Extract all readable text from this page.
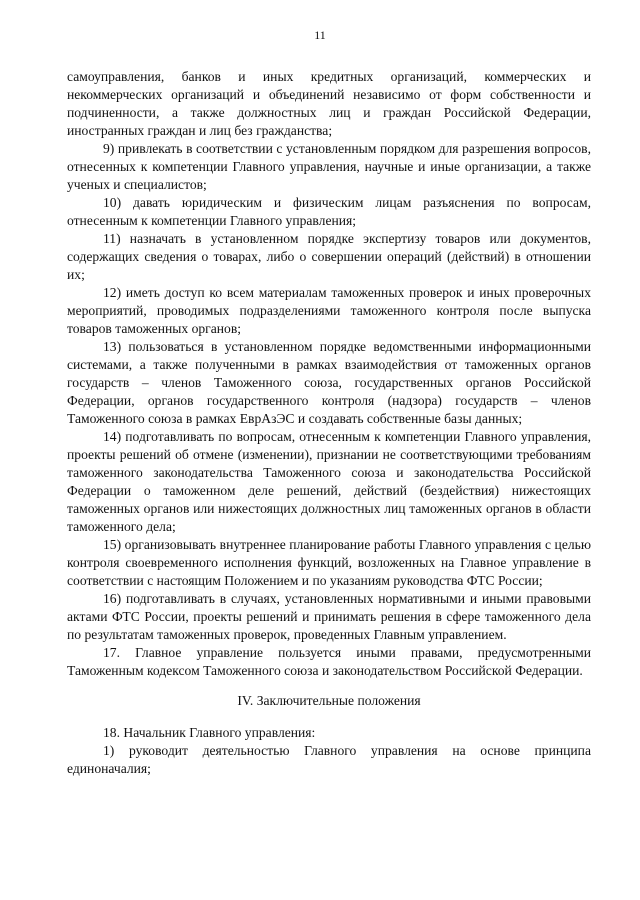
11

самоуправления, банков и иных кредитных организаций, коммерческих и некоммерческих организаций и объединений независимо от форм собственности и подчиненности, а также должностных лиц и граждан Российской Федерации, иностранных граждан и лиц без гражданства;

9) привлекать в соответствии с установленным порядком для разрешения вопросов, отнесенных к компетенции Главного управления, научные и иные организации, а также ученых и специалистов;

10) давать юридическим и физическим лицам разъяснения по вопросам, отнесенным к компетенции Главного управления;

11) назначать в установленном порядке экспертизу товаров или документов, содержащих сведения о товарах, либо о совершении операций (действий) в отношении их;

12) иметь доступ ко всем материалам таможенных проверок и иных проверочных мероприятий, проводимых подразделениями таможенного контроля после выпуска товаров таможенных органов;

13) пользоваться в установленном порядке ведомственными информационными системами, а также полученными в рамках взаимодействия от таможенных органов государств – членов Таможенного союза, государственных органов Российской Федерации, органов государственного контроля (надзора) государств – членов Таможенного союза в рамках ЕврАзЭС и создавать собственные базы данных;

14) подготавливать по вопросам, отнесенным к компетенции Главного управления, проекты решений об отмене (изменении), признании не соответствующими требованиям таможенного законодательства Таможенного союза и законодательства Российской Федерации о таможенном деле решений, действий (бездействия) нижестоящих таможенных органов или нижестоящих должностных лиц таможенных органов в области таможенного дела;

15) организовывать внутреннее планирование работы Главного управления с целью контроля своевременного исполнения функций, возложенных на Главное управление в соответствии с настоящим Положением и по указаниям руководства ФТС России;

16) подготавливать в случаях, установленных нормативными и иными правовыми актами ФТС России, проекты решений и принимать решения в сфере таможенного дела по результатам таможенных проверок, проведенных Главным управлением.

17. Главное управление пользуется иными правами, предусмотренными Таможенным кодексом Таможенного союза и законодательством Российской Федерации.

IV. Заключительные положения

18. Начальник Главного управления:

1) руководит деятельностью Главного управления на основе принципа единоначалия;
